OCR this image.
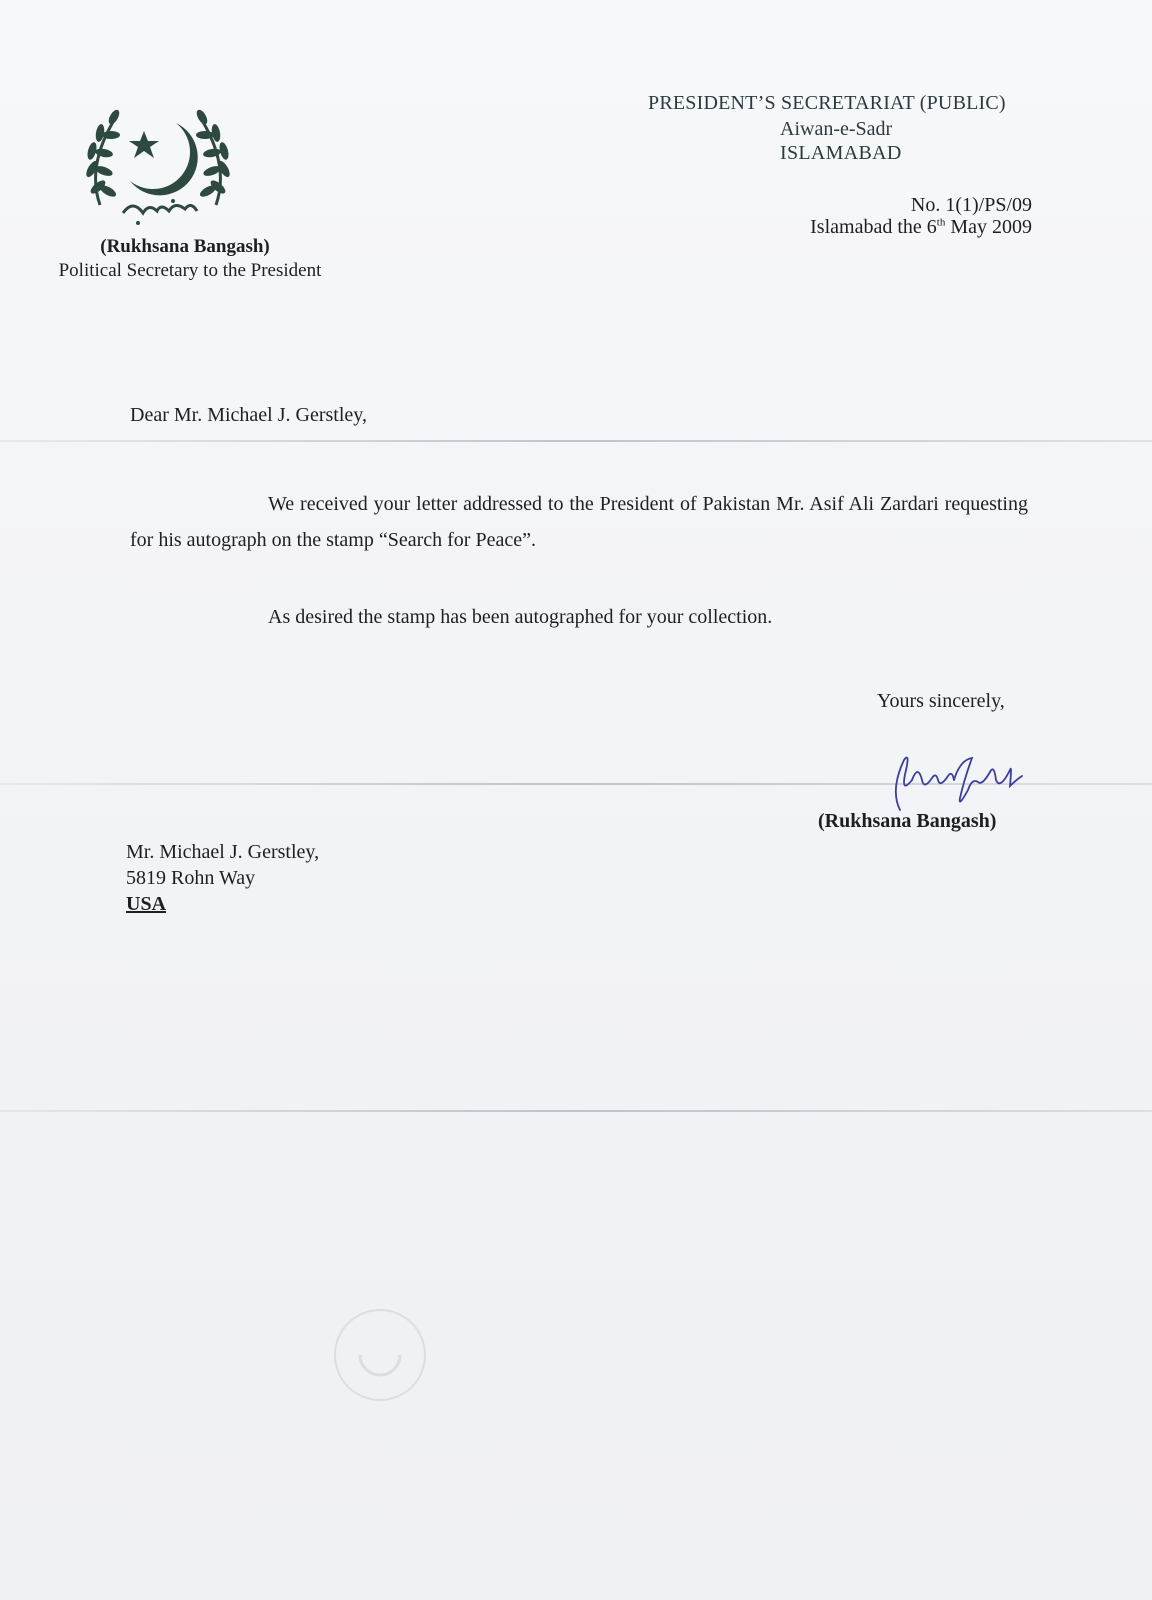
(Rukhsana Bangash)
Political Secretary to the President
PRESIDENT’S SECRETARIAT (PUBLIC)
Aiwan-e-Sadr
ISLAMABAD
No. 1(1)/PS/09
Islamabad the 6th May 2009
Dear Mr. Michael J. Gerstley,
We received your letter addressed to the President of Pakistan Mr. Asif Ali Zardari requesting for his autograph on the stamp “Search for Peace”.
As desired the stamp has been autographed for your collection.
Yours sincerely,
(Rukhsana Bangash)
Mr. Michael J. Gerstley,
5819 Rohn Way
USA
